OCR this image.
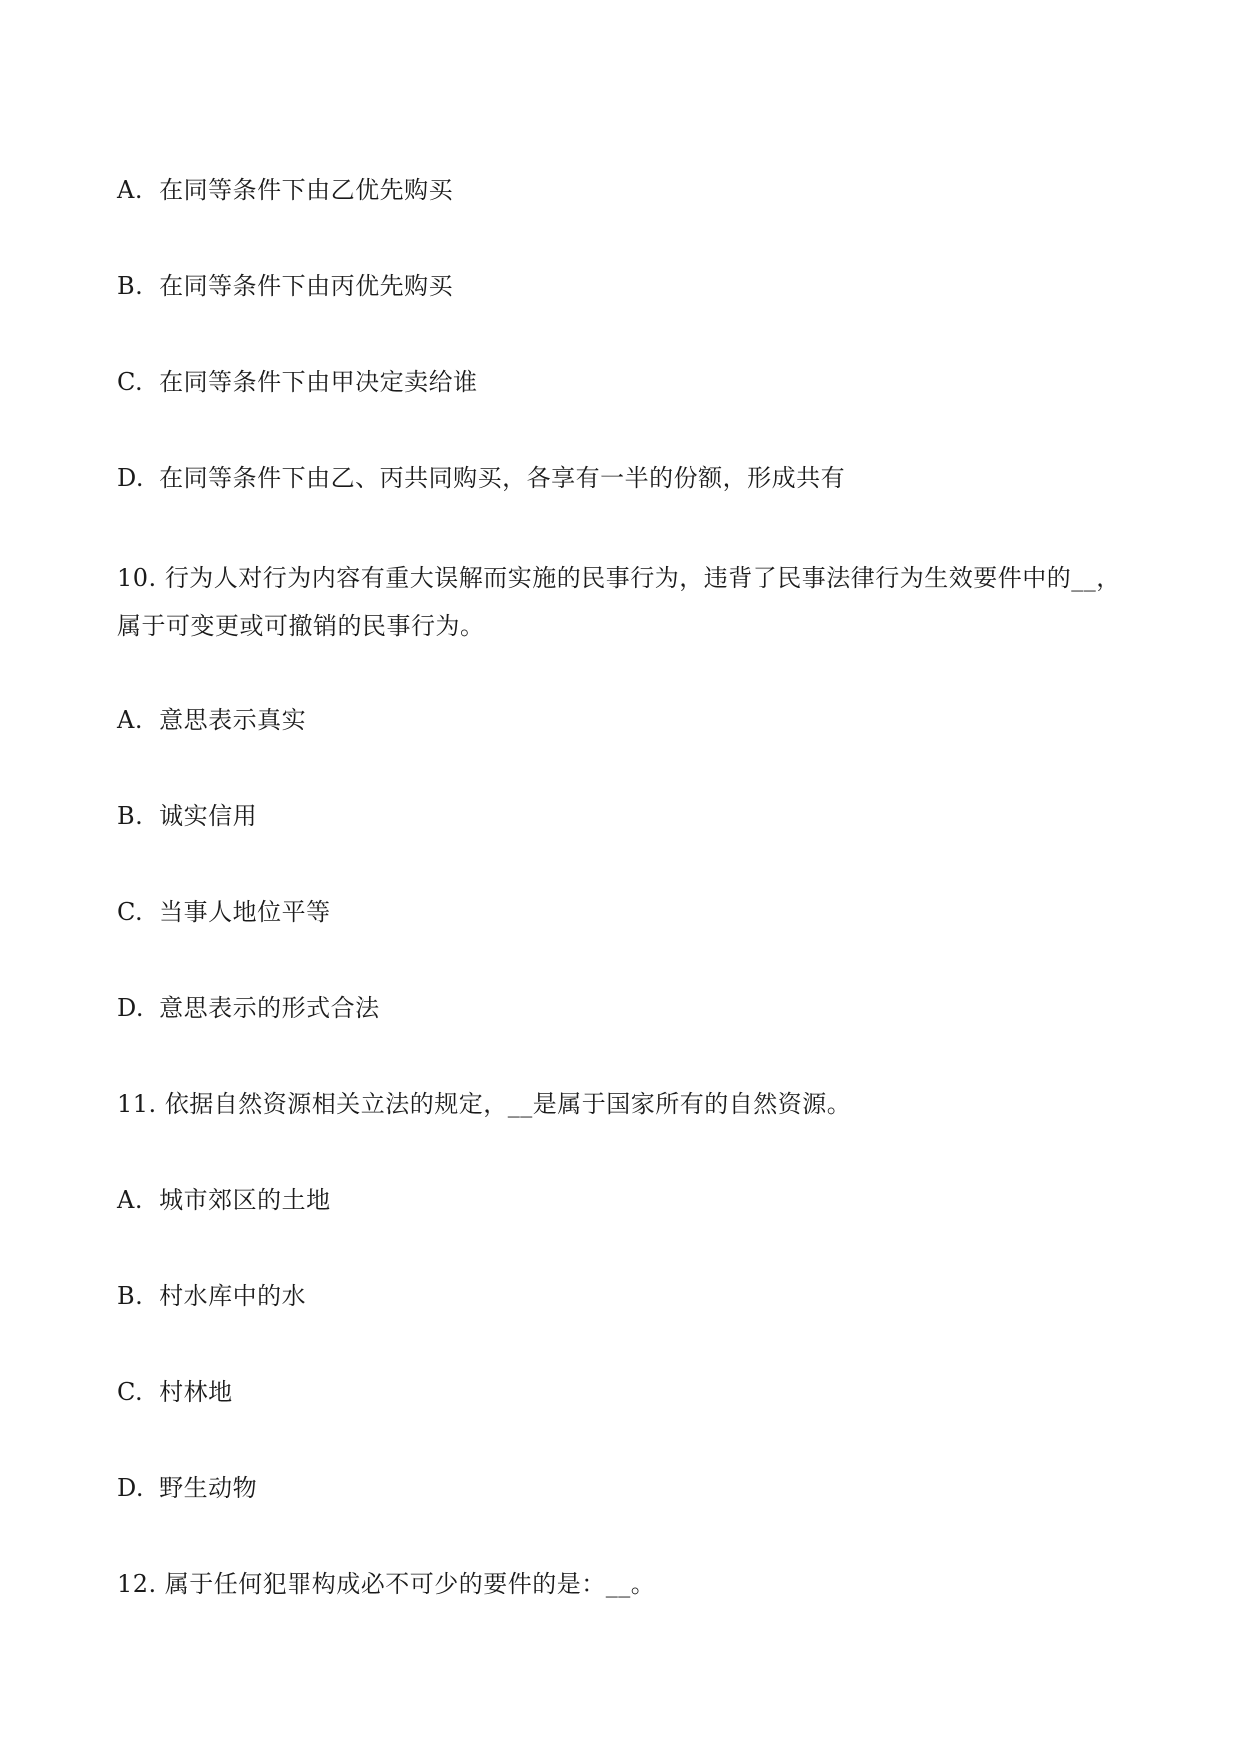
A. 在同等条件下由乙优先购买
B. 在同等条件下由丙优先购买
C. 在同等条件下由甲决定卖给谁
D. 在同等条件下由乙、丙共同购买，各享有一半的份额，形成共有
10. 行为人对行为内容有重大误解而实施的民事行为，违背了民事法律行为生效要件中的__，属于可变更或可撤销的民事行为。
A. 意思表示真实
B. 诚实信用
C. 当事人地位平等
D. 意思表示的形式合法
11. 依据自然资源相关立法的规定，__是属于国家所有的自然资源。
A. 城市郊区的土地
B. 村水库中的水
C. 村林地
D. 野生动物
12. 属于任何犯罪构成必不可少的要件的是：__。
